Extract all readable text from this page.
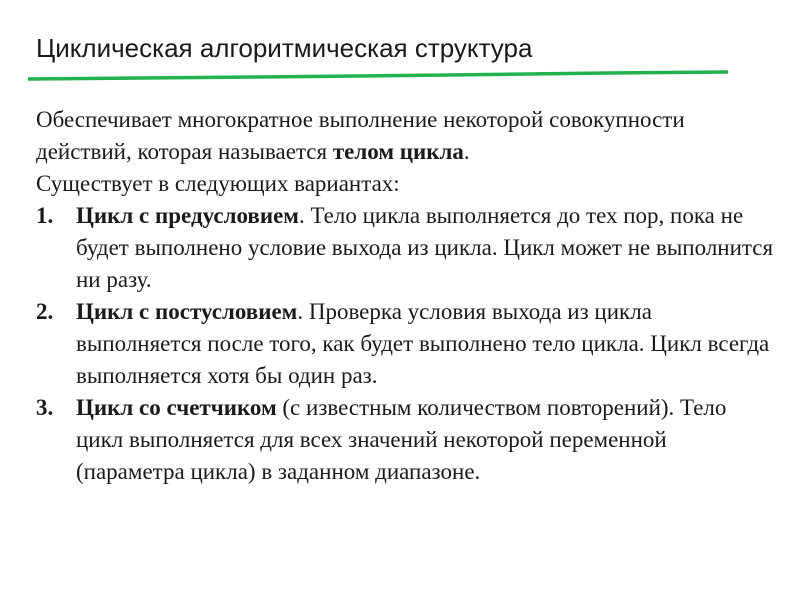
Циклическая алгоритмическая структура

Обеспечивает многократное выполнение некоторой совокупности действий, которая называется телом цикла.

Существует в следующих вариантах:

1. Цикл с предусловием. Тело цикла выполняется до тех пор, пока не будет выполнено условие выхода из цикла. Цикл может не выполнится ни разу.
2. Цикл с постусловием. Проверка условия выхода из цикла выполняется после того, как будет выполнено тело цикла. Цикл всегда выполняется хотя бы один раз.
3. Цикл со счетчиком (с известным количеством повторений). Тело цикл выполняется для всех значений некоторой переменной (параметра цикла) в заданном диапазоне.
